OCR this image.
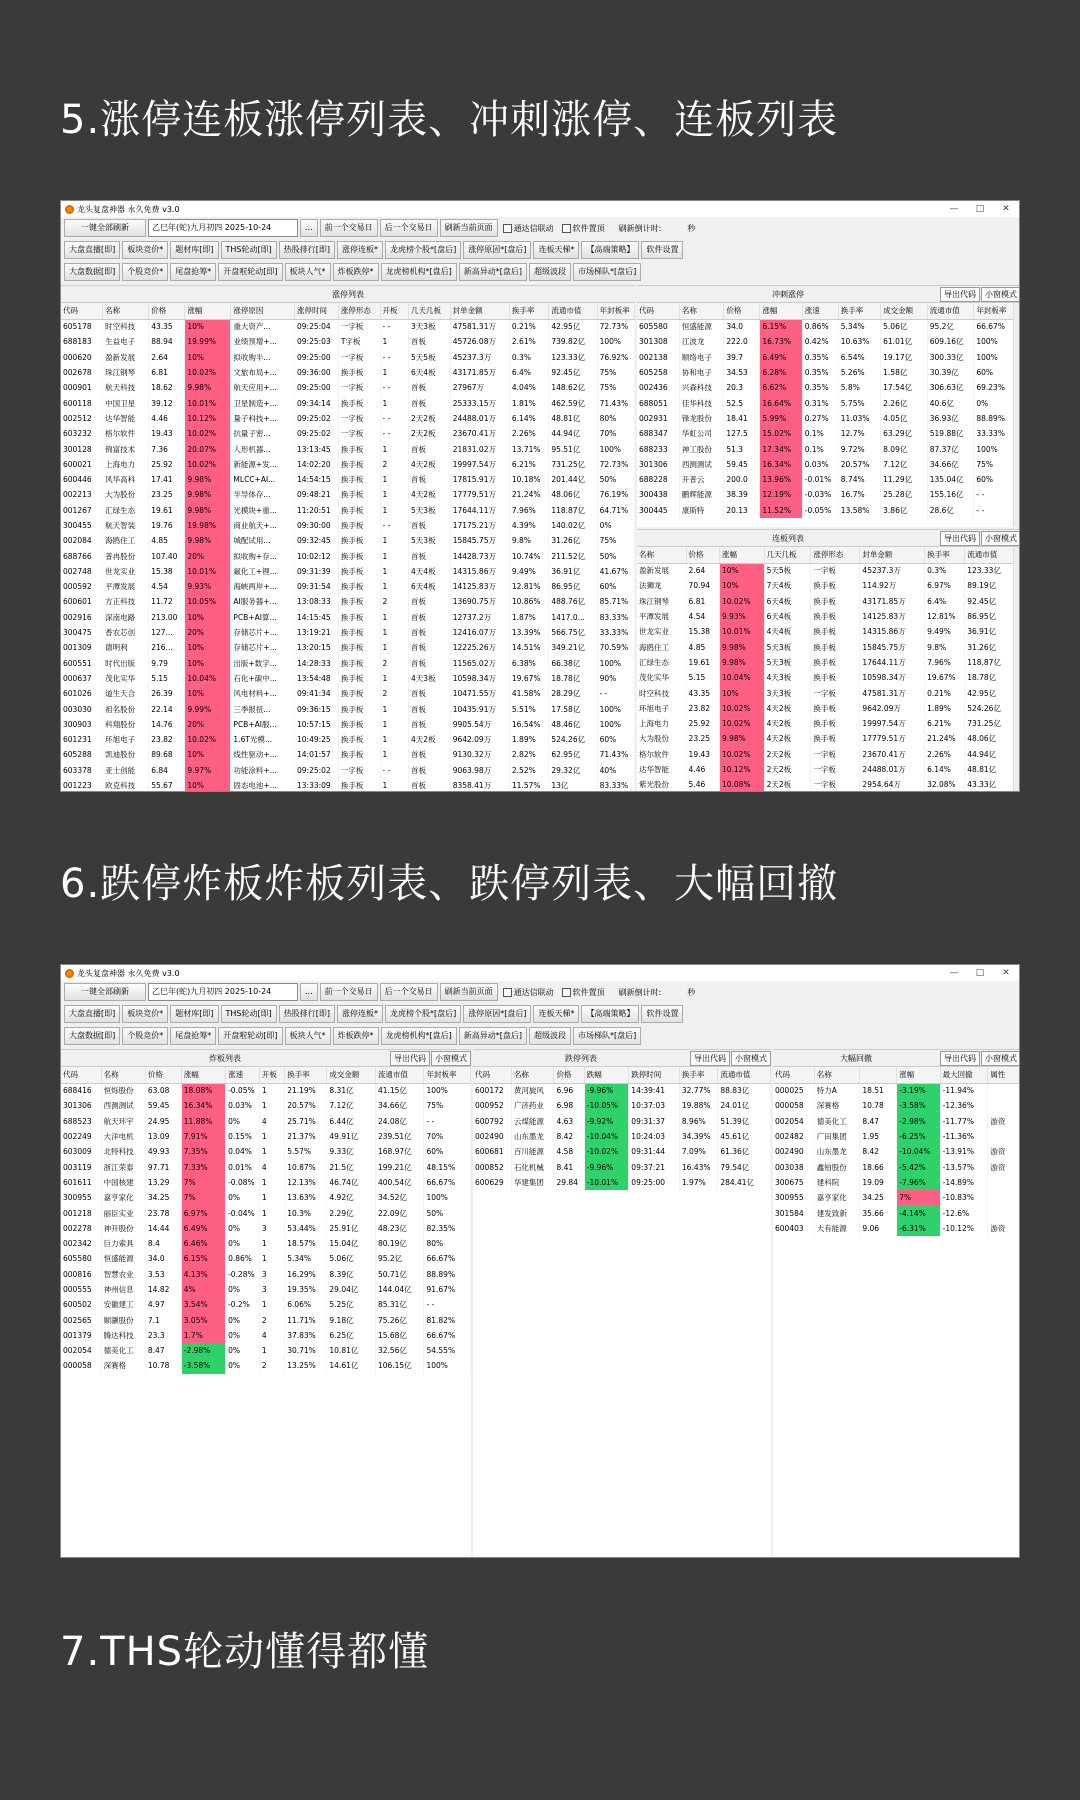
5.涨停连板涨停列表、冲刺涨停、连板列表
6.跌停炸板炸板列表、跌停列表、大幅回撤
7.THS轮动懂得都懂
龙头复盘神器 永久免费 v3.0	—	□	✕
一键全部刷新	乙巳年(蛇)九月初四 2025-10-24	...	前一个交易日	后一个交易日	刷新当前页面	通达信联动	软件置顶	刷新倒计时:	秒
大盘直播[即]	板块竞价*	题材库[即]	THS轮动[即]	热股排行[即]	涨停连板*	龙虎榜个股*[盘后]	涨停原因*[盘后]	连板天梯*	【高端策略】	软件设置
大盘数据[即]	个股竞价*	尾盘抢筹*	开盘啦轮动[即]	板块人气*	炸板跌停*	龙虎榜机构*[盘后]	新高异动*[盘后]	超级波段	市场梯队*[盘后]
涨停列表
代码	名称	价格	涨幅	涨停原因	涨停时间	涨停形态	开板	几天几板	封单金额	换手率	流通市值	年封板率
605178	时空科技	43.35	10%	重大资产...	09:25:04	一字板	- -	3天3板	47581.31万	0.21%	42.95亿	72.73%
688183	生益电子	88.94	19.99%	业绩预增+...	09:25:03	T字板	1	首板	45726.08万	2.61%	739.82亿	100%
000620	盈新发展	2.64	10%	拟收购半...	09:25:00	一字板	- -	5天5板	45237.3万	0.3%	123.33亿	76.92%
002678	珠江钢琴	6.81	10.02%	文旅布局+...	09:36:00	换手板	1	6天4板	43171.85万	6.4%	92.45亿	75%
000901	航天科技	18.62	9.98%	航天应用+...	09:25:00	一字板	- -	首板	27967万	4.04%	148.62亿	75%
600118	中国卫星	39.12	10.01%	卫星制造+...	09:34:14	换手板	1	首板	25333.15万	1.81%	462.59亿	71.43%
002512	达华智能	4.46	10.12%	量子科技+...	09:25:02	一字板	- -	2天2板	24488.01万	6.14%	48.81亿	80%
603232	格尔软件	19.43	10.02%	抗量子密...	09:25:02	一字板	- -	2天2板	23670.41万	2.26%	44.94亿	70%
300128	锦富技术	7.36	20.07%	人形机器...	13:13:45	换手板	1	首板	21831.02万	13.71%	95.51亿	100%
600021	上海电力	25.92	10.02%	新能源+发...	14:02:20	换手板	2	4天2板	19997.54万	6.21%	731.25亿	72.73%
600446	风华高科	17.41	9.98%	MLCC+AI...	14:54:15	换手板	1	首板	17815.91万	10.18%	201.44亿	50%
002213	大为股份	23.25	9.98%	半导体存...	09:48:21	换手板	1	4天2板	17779.51万	21.24%	48.06亿	76.19%
001267	汇绿生态	19.61	9.98%	光模块+重...	11:20:51	换手板	1	5天3板	17644.11万	7.96%	118.87亿	64.71%
300455	航天智装	19.76	19.98%	商业航天+...	09:30:00	换手板	- -	首板	17175.21万	4.39%	140.02亿	0%
002084	海鸥住工	4.85	9.98%	城配试用...	09:32:45	换手板	1	5天3板	15845.75万	9.8%	31.26亿	75%
688766	普冉股份	107.40	20%	拟收购+存...	10:02:12	换手板	1	首板	14428.73万	10.74%	211.52亿	50%
002748	世龙实业	15.38	10.01%	氟化工+锂...	09:31:39	换手板	1	4天4板	14315.86万	9.49%	36.91亿	41.67%
000592	平潭发展	4.54	9.93%	海峡两岸+...	09:31:54	换手板	1	6天4板	14125.83万	12.81%	86.95亿	60%
600601	方正科技	11.72	10.05%	AI服务器+...	13:08:33	换手板	2	首板	13690.75万	10.86%	488.76亿	85.71%
002916	深南电路	213.00	10%	PCB+AI算...	14:15:45	换手板	1	首板	12737.2万	1.87%	1417.0...	83.33%
300475	香农芯创	127...	20%	存储芯片+...	13:19:21	换手板	1	首板	12416.07万	13.39%	566.75亿	33.33%
001309	德明利	216...	10%	存储芯片+...	13:20:15	换手板	1	首板	12225.26万	14.51%	349.21亿	70.59%
600551	时代出版	9.79	10%	出版+数字...	14:28:33	换手板	2	首板	11565.02万	6.38%	66.38亿	100%
000637	茂化实华	5.15	10.04%	石化+碳中...	13:54:48	换手板	1	4天3板	10598.34万	19.67%	18.78亿	90%
601026	道生天合	26.39	10%	风电材料+...	09:41:34	换手板	2	首板	10471.55万	41.58%	28.29亿	- -
003030	祖名股份	22.14	9.99%	三季报扭...	09:36:15	换手板	1	首板	10435.91万	5.51%	17.58亿	100%
300903	科翔股份	14.76	20%	PCB+AI服...	10:57:15	换手板	1	首板	9905.54万	16.54%	48.46亿	100%
601231	环旭电子	23.82	10.02%	1.6T光模...	10:49:25	换手板	1	4天2板	9642.09万	1.89%	524.26亿	60%
605288	凯迪股份	89.68	10%	线性驱动+...	14:01:57	换手板	1	首板	9130.32万	2.82%	62.95亿	71.43%
603378	亚士创能	6.84	9.97%	功能涂料+...	09:25:02	一字板	- -	首板	9063.98万	2.52%	29.32亿	40%
001223	欧克科技	55.67	10%	固态电池+...	13:33:09	换手板	1	首板	8358.41万	11.57%	13亿	83.33%
冲刺涨停	导出代码	小窗模式
代码	名称	价格	涨幅	涨速	换手率	成交金额	流通市值	年封板率
605580	恒盛能源	34.0	6.15%	0.86%	5.34%	5.06亿	95.2亿	66.67%
301308	江波龙	222.0	16.73%	0.42%	10.63%	61.01亿	609.16亿	100%
002138	顺络电子	39.7	6.49%	0.35%	6.54%	19.17亿	300.33亿	100%
605258	协和电子	34.53	6.28%	0.35%	5.26%	1.58亿	30.39亿	60%
002436	兴森科技	20.3	6.62%	0.35%	5.8%	17.54亿	306.63亿	69.23%
688051	佳华科技	52.5	16.64%	0.31%	5.75%	2.26亿	40.6亿	0%
002931	锋龙股份	18.41	5.99%	0.27%	11.03%	4.05亿	36.93亿	88.89%
688347	华虹公司	127.5	15.02%	0.1%	12.7%	63.29亿	519.88亿	33.33%
688233	神工股份	51.3	17.34%	0.1%	9.72%	8.09亿	87.37亿	100%
301306	西测测试	59.45	16.34%	0.03%	20.57%	7.12亿	34.66亿	75%
688228	开普云	200.0	13.96%	-0.01%	8.74%	11.29亿	135.04亿	60%
300438	鹏辉能源	38.39	12.19%	-0.03%	16.7%	25.28亿	155.16亿	- -
300445	康斯特	20.13	11.52%	-0.05%	13.58%	3.86亿	28.6亿	- -
连板列表	导出代码	小窗模式
名称	价格	涨幅	几天几板	涨停形态	封单金额	换手率	流通市值
盈新发展	2.64	10%	5天5板	一字板	45237.3万	0.3%	123.33亿
法狮龙	70.94	10%	7天4板	换手板	114.92万	6.97%	89.19亿
珠江钢琴	6.81	10.02%	6天4板	换手板	43171.85万	6.4%	92.45亿
平潭发展	4.54	9.93%	6天4板	换手板	14125.83万	12.81%	86.95亿
世龙实业	15.38	10.01%	4天4板	换手板	14315.86万	9.49%	36.91亿
海鸥住工	4.85	9.98%	5天3板	换手板	15845.75万	9.8%	31.26亿
汇绿生态	19.61	9.98%	5天3板	换手板	17644.11万	7.96%	118.87亿
茂化实华	5.15	10.04%	4天3板	换手板	10598.34万	19.67%	18.78亿
时空科技	43.35	10%	3天3板	一字板	47581.31万	0.21%	42.95亿
环旭电子	23.82	10.02%	4天2板	换手板	9642.09万	1.89%	524.26亿
上海电力	25.92	10.02%	4天2板	换手板	19997.54万	6.21%	731.25亿
大为股份	23.25	9.98%	4天2板	换手板	17779.51万	21.24%	48.06亿
格尔软件	19.43	10.02%	2天2板	一字板	23670.41万	2.26%	44.94亿
达华智能	4.46	10.12%	2天2板	一字板	24488.01万	6.14%	48.81亿
紫光股份	5.46	10.08%	2天2板	一字板	2954.64万	32.08%	43.33亿
龙头复盘神器 永久免费 v3.0	—	□	✕
一键全部刷新	乙巳年(蛇)九月初四 2025-10-24	...	前一个交易日	后一个交易日	刷新当前页面	通达信联动	软件置顶	刷新倒计时:	秒
大盘直播[即]	板块竞价*	题材库[即]	THS轮动[即]	热股排行[即]	涨停连板*	龙虎榜个股*[盘后]	涨停原因*[盘后]	连板天梯*	【高端策略】	软件设置
大盘数据[即]	个股竞价*	尾盘抢筹*	开盘啦轮动[即]	板块人气*	炸板跌停*	龙虎榜机构*[盘后]	新高异动*[盘后]	超级波段	市场梯队*[盘后]
炸板列表	导出代码	小窗模式
代码	名称	价格	涨幅	涨速	开板	换手率	成交金额	流通市值	年封板率
688416	恒烁股份	63.08	18.08%	-0.05%	1	21.19%	8.31亿	41.15亿	100%
301306	西测测试	59.45	16.34%	0.03%	1	20.57%	7.12亿	34.66亿	75%
688523	航天环宇	24.95	11.88%	0%	4	25.71%	6.44亿	24.08亿	- -
002249	大洋电机	13.09	7.91%	0.15%	1	21.37%	49.91亿	239.51亿	70%
603009	北特科技	49.93	7.35%	0.04%	1	5.57%	9.33亿	168.97亿	60%
003119	浙江荣泰	97.71	7.33%	0.01%	4	10.87%	21.5亿	199.21亿	48.15%
601611	中国核建	13.29	7%	-0.08%	1	12.13%	46.74亿	400.54亿	66.67%
300955	嘉亨家化	34.25	7%	0%	1	13.63%	4.92亿	34.52亿	100%
001218	丽臣实业	23.78	6.97%	-0.04%	1	10.3%	2.29亿	22.09亿	50%
002278	神开股份	14.44	6.49%	0%	3	53.44%	25.91亿	48.23亿	82.35%
002342	巨力索具	8.4	6.46%	0%	1	18.57%	15.04亿	80.19亿	80%
605580	恒盛能源	34.0	6.15%	0.86%	1	5.34%	5.06亿	95.2亿	66.67%
000816	智慧农业	3.53	4.13%	-0.28%	3	16.29%	8.39亿	50.71亿	88.89%
000555	神州信息	14.82	4%	0%	3	19.35%	29.04亿	144.04亿	91.67%
600502	安徽建工	4.97	3.54%	-0.2%	1	6.06%	5.25亿	85.31亿	- -
002565	顺灏股份	7.1	3.05%	0%	2	11.71%	9.18亿	75.26亿	81.82%
001379	腾达科技	23.3	1.7%	0%	4	37.83%	6.25亿	15.68亿	66.67%
002054	德美化工	8.47	-2.98%	0%	1	30.71%	10.81亿	32.56亿	54.55%
000058	深赛格	10.78	-3.58%	0%	2	13.25%	14.61亿	106.15亿	100%
跌停列表	导出代码	小窗模式
代码	名称	价格	跌幅	跌停时间	换手率	流通市值
600172	黄河旋风	6.96	-9.96%	14:39:41	32.77%	88.83亿
000952	广济药业	6.98	-10.05%	10:37:03	19.88%	24.01亿
600792	云煤能源	4.63	-9.92%	09:31:37	8.96%	51.39亿
002490	山东墨龙	8.42	-10.04%	10:24:03	34.39%	45.61亿
600681	百川能源	4.58	-10.02%	09:31:44	7.09%	61.36亿
000852	石化机械	8.41	-9.96%	09:37:21	16.43%	79.54亿
600629	华建集团	29.84	-10.01%	09:25:00	1.97%	284.41亿
大幅回撤	导出代码	小窗模式
代码	名称		涨幅	最大回撤	属性
000025	特力A	18.51	-3.19%	-11.94%	
000058	深赛格	10.78	-3.58%	-12.36%	
002054	德美化工	8.47	-2.98%	-11.77%	游资
002482	广田集团	1.95	-6.25%	-11.36%	
002490	山东墨龙	8.42	-10.04%	-13.91%	游资
003038	鑫铂股份	18.66	-5.42%	-13.57%	游资
300675	建科院	19.09	-7.96%	-14.89%	
300955	嘉亨家化	34.25	7%	-10.83%	
301584	建发致新	35.66	-4.14%	-12.6%	
600403	大有能源	9.06	-6.31%	-10.12%	游资
